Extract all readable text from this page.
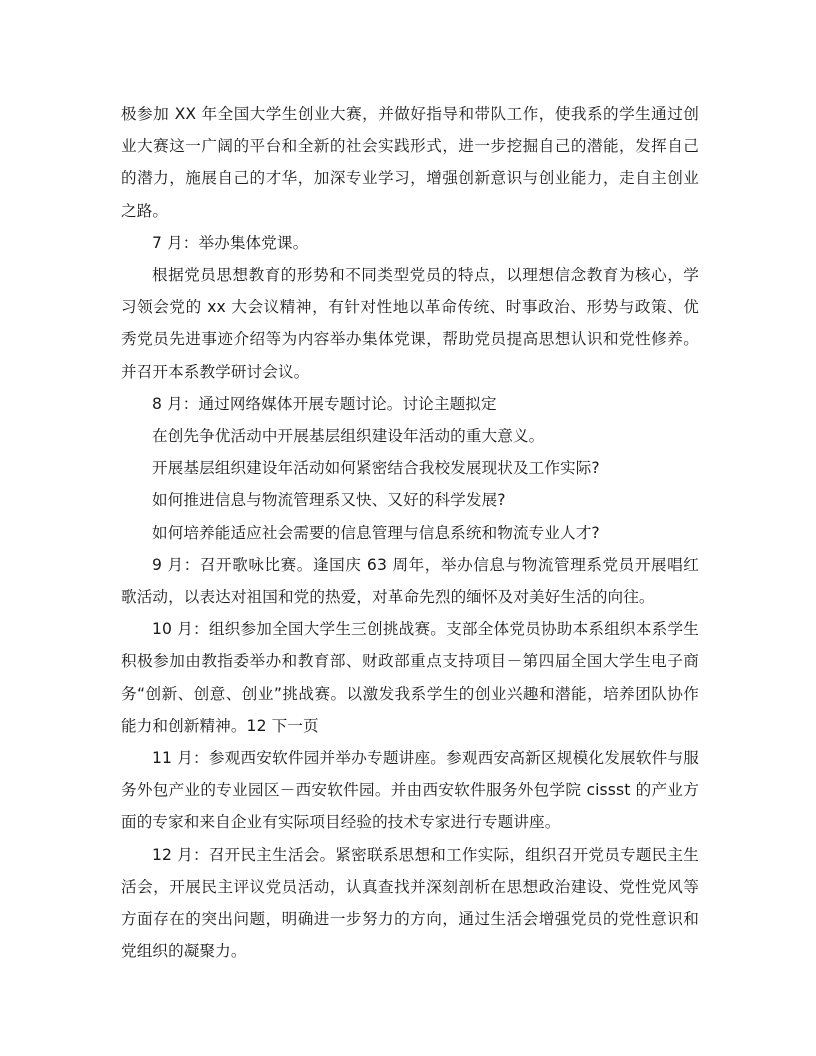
极参加 XX 年全国大学生创业大赛，并做好指导和带队工作，使我系的学生通过创业大赛这一广阔的平台和全新的社会实践形式，进一步挖掘自己的潜能，发挥自己的潜力，施展自己的才华，加深专业学习，增强创新意识与创业能力，走自主创业之路。

7 月：举办集体党课。

根据党员思想教育的形势和不同类型党员的特点，以理想信念教育为核心，学习领会党的 xx 大会议精神，有针对性地以革命传统、时事政治、形势与政策、优秀党员先进事迹介绍等为内容举办集体党课，帮助党员提高思想认识和党性修养。并召开本系教学研讨会议。

8 月：通过网络媒体开展专题讨论。讨论主题拟定

在创先争优活动中开展基层组织建设年活动的重大意义。

开展基层组织建设年活动如何紧密结合我校发展现状及工作实际?

如何推进信息与物流管理系又快、又好的科学发展?

如何培养能适应社会需要的信息管理与信息系统和物流专业人才?

9 月：召开歌咏比赛。逢国庆 63 周年，举办信息与物流管理系党员开展唱红歌活动，以表达对祖国和党的热爱，对革命先烈的缅怀及对美好生活的向往。

10 月：组织参加全国大学生三创挑战赛。支部全体党员协助本系组织本系学生积极参加由教指委举办和教育部、财政部重点支持项目－第四届全国大学生电子商务“创新、创意、创业”挑战赛。以激发我系学生的创业兴趣和潜能，培养团队协作能力和创新精神。12 下一页

11 月：参观西安软件园并举办专题讲座。参观西安高新区规模化发展软件与服务外包产业的专业园区－西安软件园。并由西安软件服务外包学院 cissst 的产业方面的专家和来自企业有实际项目经验的技术专家进行专题讲座。

12 月：召开民主生活会。紧密联系思想和工作实际，组织召开党员专题民主生活会，开展民主评议党员活动，认真查找并深刻剖析在思想政治建设、党性党风等方面存在的突出问题，明确进一步努力的方向，通过生活会增强党员的党性意识和党组织的凝聚力。
